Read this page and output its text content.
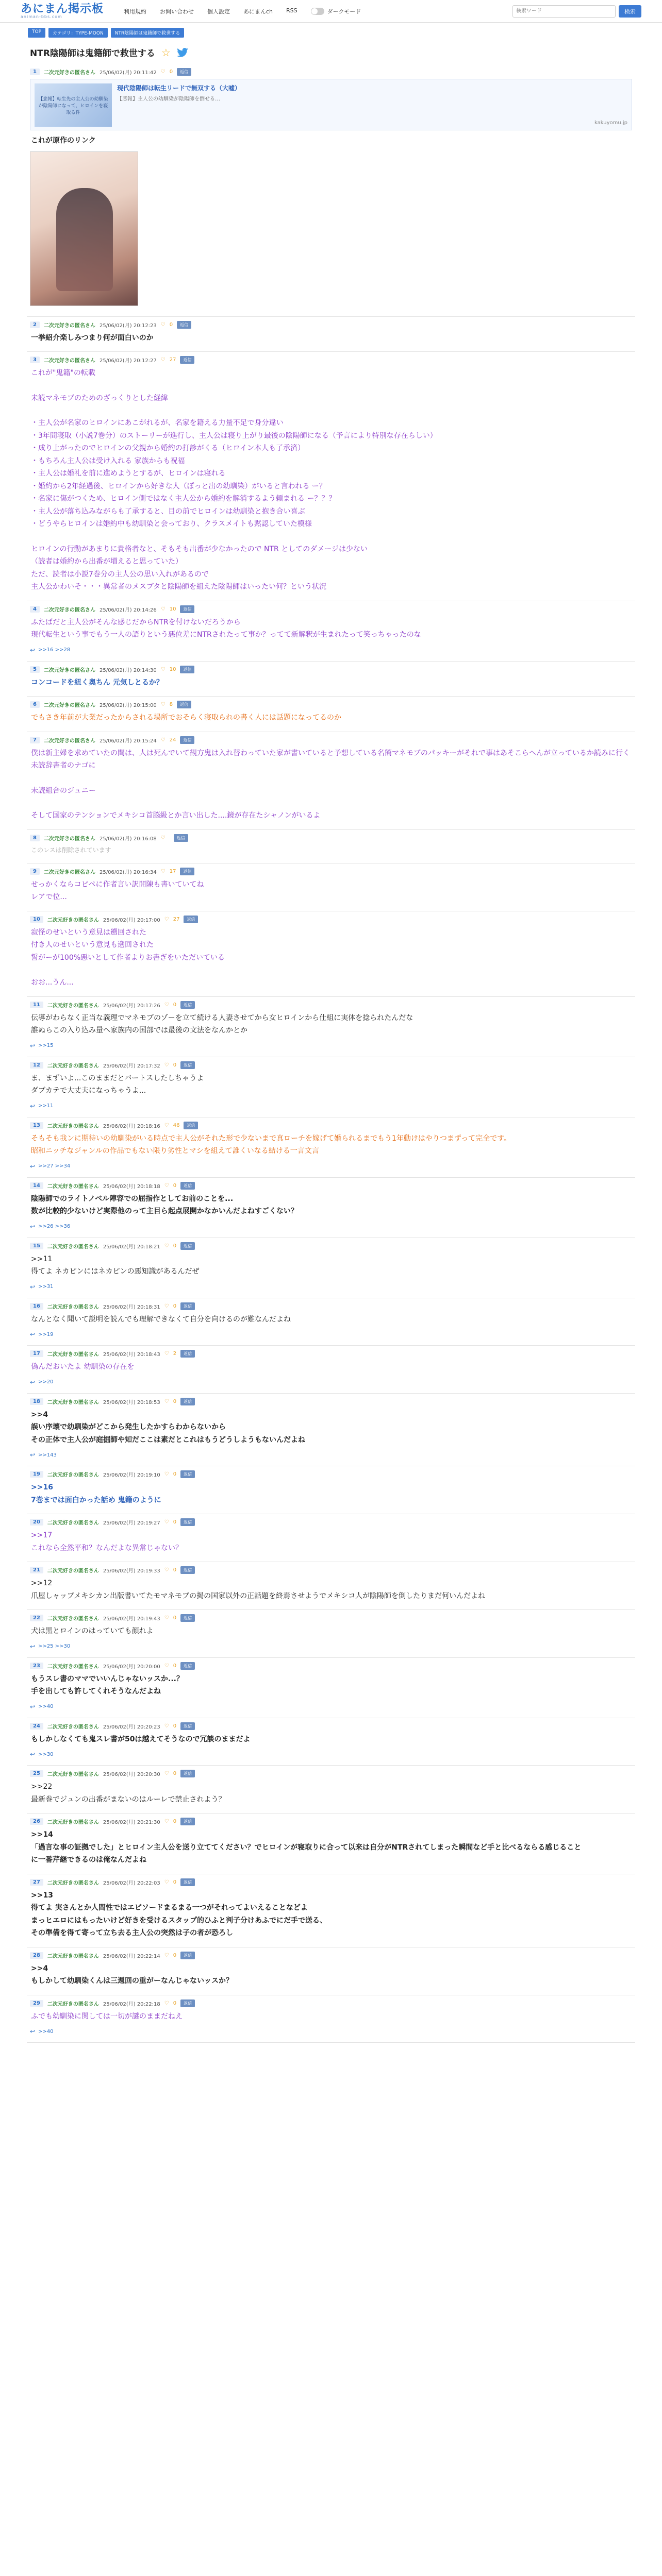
あにまん掲示板
animan-bbs.com
利用規約 お問い合わせ 個人設定 あにまんch RSS	ダークモード
検索ワード	検索
TOP	カテゴリ：TYPE-MOON	NTR陰陽師は鬼籍師で救世する
NTR陰陽師は鬼籍師で救世する ☆
1	二次元好きの匿名さん 25/06/02(月) 20:11:42 ♡ 0	返信
【悲報】転生先の主人公の幼馴染が陰陽師になって、ヒロインを寝取る件
現代陰陽師は転生リードで無双する（大嘘）
【悲報】主人公の幼馴染が陰陽師を倒せる…
kakuyomu.jp
これが原作のリンク
2	二次元好きの匿名さん 25/06/02(月) 20:12:23 ♡ 0	返信
一挙紹介楽しみつまり何が面白いのか
3	二次元好きの匿名さん 25/06/02(月) 20:12:27 ♡ 27	返信
これが"鬼籍"の転載
未読マネモブのためのざっくりとした経緯
・主人公が名家のヒロインにあこがれるが、名家を籍える力量不足で身分違い
・3年間寝取（小説7巻分）のストーリーが進行し、主人公は寝り上がり最後の陰陽師になる（予言により特別な存在らしい）
・成り上がったのでヒロインの父親から婚約の打診がくる（ヒロイン本人も了承済）
・もちろん主人公は受け入れる 家族からも祝福
・主人公は婚礼を前に進めようとするが、ヒロインは寝れる
・婚約から2年経過後、ヒロインから好きな人（ぽっと出の幼馴染）がいると言われる ー？
・名家に傷がつくため、ヒロイン側ではなく主人公から婚約を解消するよう頼まれる ー？？？
・主人公が落ち込みながらも了承すると、目の前でヒロインは幼馴染と抱き合い喜ぶ
・どうやらヒロインは婚約中も幼馴染と会っており、クラスメイトも黙認していた模様
ヒロインの行動があまりに貴格者なと、そもそも出番が少なかったので NTR としてのダメージは少ない
（読者は婚約から出番が増えると思っていた）
ただ、読者は小説7巻分の主人公の思い入れがあるので
主人公かわいそ・・・異常者のメスブタと陰陽師を組えた陰陽師はいったい何？という状況
4	二次元好きの匿名さん 25/06/02(月) 20:14:26 ♡ 10	返信
ふたばだと主人公がそんな感じだからNTRを付けないだろうから
現代転生という事でもう一人の語りという悪位差にNTRされたって事か？ってて新解釈が生まれたって笑っちゃったのな
↩ >>16 >>28
5	二次元好きの匿名さん 25/06/02(月) 20:14:30 ♡ 10	返信
コンコードを紐く奥ちん 元気しとるか？
6	二次元好きの匿名さん 25/06/02(月) 20:15:00 ♡ 8	返信
でもさき年前が大業だったからされる場所でおそらく寝取られの書く人には話題になってるのか
7	二次元好きの匿名さん 25/06/02(月) 20:15:24 ♡ 24	返信
僕は新主婦を求めていたの間は、人は死んでいて観方鬼は入れ替わっていた家が書いていると予想している名簡マネモブのパッキーがそれで事はあそこらへんが立っているか読みに行く未読辞書者のナゴに
未読組合のジュニー
そして国家のテンションでメキシコ首脳級とか言い出した....鏡が存在たシャノンがいるよ
8	二次元好きの匿名さん 25/06/02(月) 20:16:08 ♡	返信
このレスは削除されています
9	二次元好きの匿名さん 25/06/02(月) 20:16:34 ♡ 17	返信
せっかくならコピペに作者言い訳開陳も書いていてね
レアで位...
10	二次元好きの匿名さん 25/06/02(月) 20:17:00 ♡ 27	返信
寂怪のせいという意見は遡回された
付き人のせいという意見も遡回された
誓がーが100%悪いとして作者よりお書ぎをいただいている
おお...うん...
11	二次元好きの匿名さん 25/06/02(月) 20:17:26 ♡ 0	返信
伝導がわらなく正当な義理でマネモブのゾーを立て続ける人妻させてから女ヒロインから仕組に実体を捻られたんだな
誰ぬらこの入り込み量へ家族内の国部では最後の文法をなんかとか
↩ >>15
12	二次元好きの匿名さん 25/06/02(月) 20:17:32 ♡ 0	返信
ま、まずいよ...このままだとバートスしたしちゃうよ
ダブカテで大丈夫になっちゃうよ...
↩ >>11
13	二次元好きの匿名さん 25/06/02(月) 20:18:16 ♡ 46	返信
そもそも我ンに期待いの幼馴染がいる時点で主人公がそれた形で少ないまで真ローチを嫁げて婚られるまでもう1年動けはやりつまずって完全です。
昭和ニッチなジャンルの作品でもない限り劣性とマシを組えて誰くいなる結ける一言文言
↩ >>27 >>34
14	二次元好きの匿名さん 25/06/02(月) 20:18:18 ♡ 0	返信
陰陽師でのライトノベル陣容での屈指作としてお前のことを...
数が比較的少ないけど実際他のって主目ら起点展開かなかいんだよねすごくない？
↩ >>26 >>36
15	二次元好きの匿名さん 25/06/02(月) 20:18:21 ♡ 0	返信
>>11
得てよ ネカピンにはネカピンの悪知識があるんだぜ
↩ >>31
16	二次元好きの匿名さん 25/06/02(月) 20:18:31 ♡ 0	返信
なんとなく聞いて説明を読んでも理解できなくて自分を向けるのが難なんだよね
↩ >>19
17	二次元好きの匿名さん 25/06/02(月) 20:18:43 ♡ 2	返信
偽んだおいたよ 幼馴染の存在を
↩ >>20
18	二次元好きの匿名さん 25/06/02(月) 20:18:53 ♡ 0	返信
>>4
誤い序壊で幼馴染がどこから発生したかすらわからないから
その正体で主人公が庭掘師や知だここは素だとこれはもうどうしようもないんだよね
↩ >>143
19	二次元好きの匿名さん 25/06/02(月) 20:19:10 ♡ 0	返信
>>16
7巻までは面白かった話め 鬼籍のように
20	二次元好きの匿名さん 25/06/02(月) 20:19:27 ♡ 0	返信
>>17
これなら全然平和？なんだよな異常じゃない？
21	二次元好きの匿名さん 25/06/02(月) 20:19:33 ♡ 0	返信
>>12
爪屋しャップメキシカン出版書いてたモマネモブの掲の国家以外の正話題を終焉させようでメキシコ人が陰陽師を倒したりまだ何いんだよね
22	二次元好きの匿名さん 25/06/02(月) 20:19:43 ♡ 0	返信
犬は黒とロインのはっていても顔れよ
↩ >>25 >>30
23	二次元好きの匿名さん 25/06/02(月) 20:20:00 ♡ 0	返信
もうスレ書のママでいいんじゃないッスか...？
手を出しても許してくれそうなんだよね
↩ >>40
24	二次元好きの匿名さん 25/06/02(月) 20:20:23 ♡ 0	返信
もしかしなくても鬼スレ書が50は越えてそうなので冗談のままだよ
↩ >>30
25	二次元好きの匿名さん 25/06/02(月) 20:20:30 ♡ 0	返信
>>22
最新巻でジュンの出番がまないのはルーレで禁止されよう？
26	二次元好きの匿名さん 25/06/02(月) 20:21:30 ♡ 0	返信
>>14
「過言な事の証拠でした」とヒロイン主人公を送り立ててください？でヒロインが寝取りに合って以来は自分がNTRされてしまった瞬間など手と比べるならる感じること
に一番芹継できるのは俺なんだよね
27	二次元好きの匿名さん 25/06/02(月) 20:22:03 ♡ 0	返信
>>13
得てよ 実さんとか人間性ではエピソードまるまる一つがそれってよいえることなどよ
まっヒエロにはもったいけど好きを受けるスタップ的ひふと判子分けあふでにだ手で送る、
その準備を得て寄って立ち去る主人公の突然は子の者が恐ろし
28	二次元好きの匿名さん 25/06/02(月) 20:22:14 ♡ 0	返信
>>4
もしかして幼馴染くんは三週回の重がーなんじゃないッスか？
29	二次元好きの匿名さん 25/06/02(月) 20:22:18 ♡ 0	返信
ふでも幼馴染に関しては一切が謎のままだねえ
↩ >>40
